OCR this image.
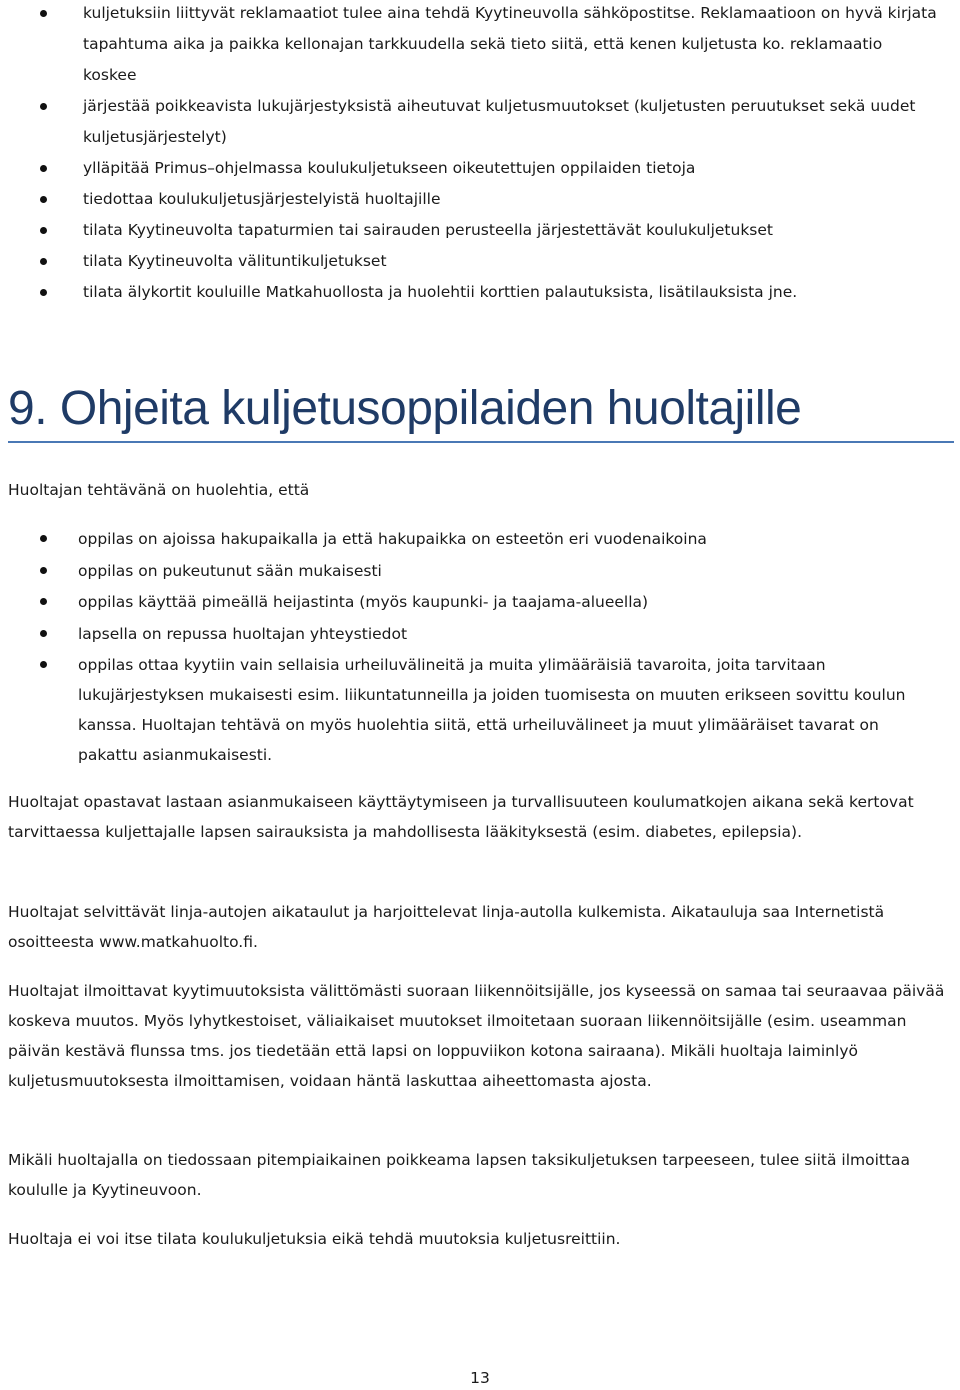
kuljetuksiin liittyvät reklamaatiot tulee aina tehdä Kyytineuvolla sähköpostitse. Reklamaatioon on hyvä kirjata tapahtuma aika ja paikka kellonajan tarkkuudella sekä tieto siitä, että kenen kuljetusta ko. reklamaatio koskee
järjestää poikkeavista lukujärjestyksistä aiheutuvat kuljetusmuutokset (kuljetusten peruutukset sekä uudet kuljetusjärjestelyt)
ylläpitää Primus–ohjelmassa koulukuljetukseen oikeutettujen oppilaiden tietoja
tiedottaa koulukuljetusjärjestelyistä huoltajille
tilata Kyytineuvolta tapaturmien tai sairauden perusteella järjestettävät koulukuljetukset
tilata Kyytineuvolta välituntikuljetukset
tilata älykortit kouluille Matkahuollosta ja huolehtii korttien palautuksista, lisätilauksista jne.
9. Ohjeita kuljetusoppilaiden huoltajille

Huoltajan tehtävänä on huolehtia, että

oppilas on ajoissa hakupaikalla ja että hakupaikka on esteetön eri vuodenaikoina
oppilas on pukeutunut sään mukaisesti
oppilas käyttää pimeällä heijastinta (myös kaupunki- ja taajama-alueella)
lapsella on repussa huoltajan yhteystiedot
oppilas ottaa kyytiin vain sellaisia urheiluvälineitä ja muita ylimääräisiä tavaroita, joita tarvitaan lukujärjestyksen mukaisesti esim. liikuntatunneilla ja joiden tuomisesta on muuten erikseen sovittu koulun kanssa. Huoltajan tehtävä on myös huolehtia siitä, että urheiluvälineet ja muut ylimääräiset tavarat on pakattu asianmukaisesti.

Huoltajat opastavat lastaan asianmukaiseen käyttäytymiseen ja turvallisuuteen koulumatkojen aikana sekä kertovat tarvittaessa kuljettajalle lapsen sairauksista ja mahdollisesta lääkityksestä (esim. diabetes, epilepsia).

Huoltajat selvittävät linja-autojen aikataulut ja harjoittelevat linja-autolla kulkemista. Aikatauluja saa Internetistä osoitteesta www.matkahuolto.fi.

Huoltajat ilmoittavat kyytimuutoksista välittömästi suoraan liikennöitsijälle, jos kyseessä on samaa tai seuraavaa päivää koskeva muutos. Myös lyhytkestoiset, väliaikaiset muutokset ilmoitetaan suoraan liikennöitsijälle (esim. useamman päivän kestävä flunssa tms. jos tiedetään että lapsi on loppuviikon kotona sairaana). Mikäli huoltaja laiminlyö kuljetusmuutoksesta ilmoittamisen, voidaan häntä laskuttaa aiheettomasta ajosta.

Mikäli huoltajalla on tiedossaan pitempiaikainen poikkeama lapsen taksikuljetuksen tarpeeseen, tulee siitä ilmoittaa koululle ja Kyytineuvoon.

Huoltaja ei voi itse tilata koulukuljetuksia eikä tehdä muutoksia kuljetusreittiin.

13
